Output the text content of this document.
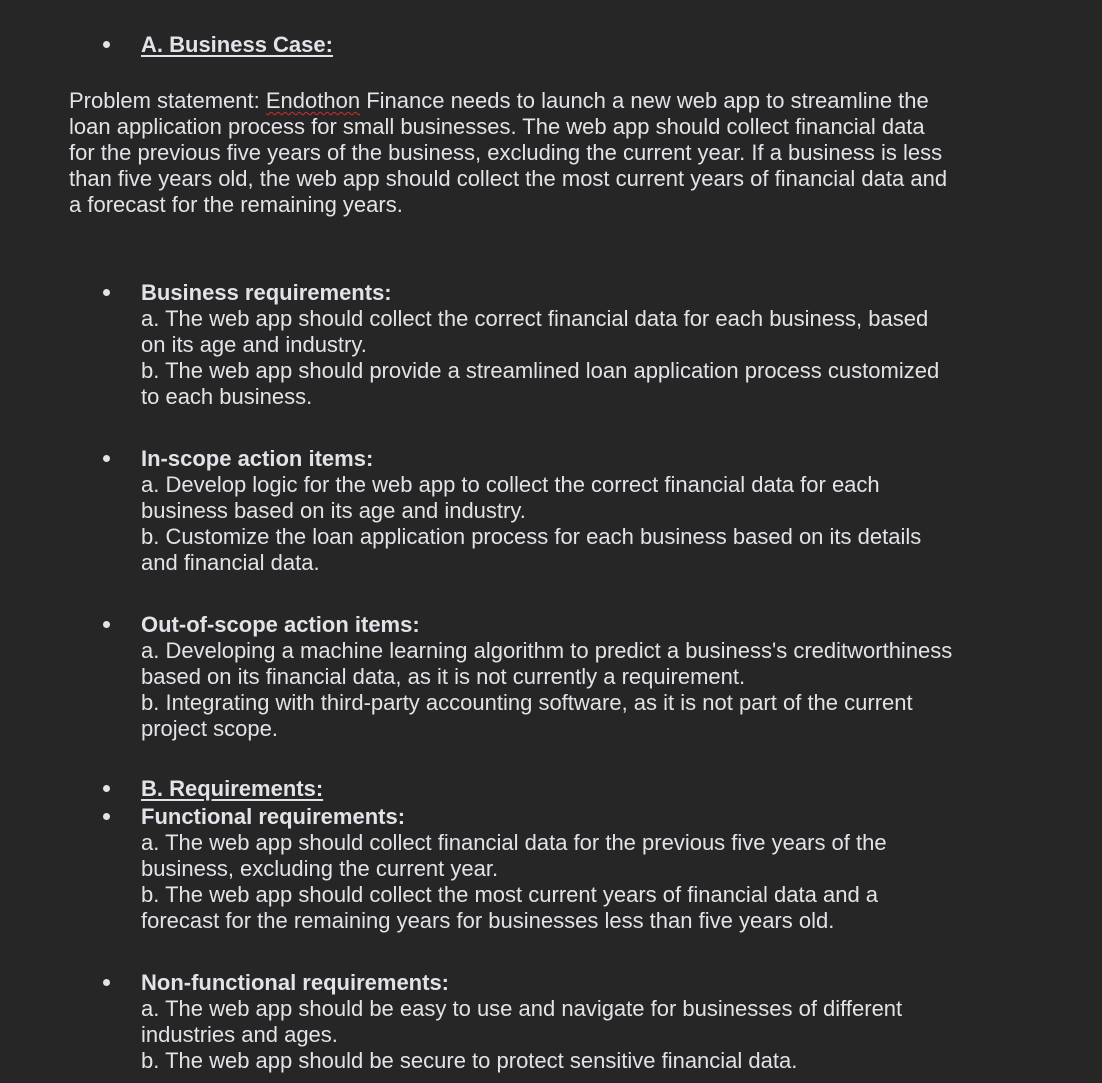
A. Business Case:
Problem statement: Endothon Finance needs to launch a new web app to streamline the
loan application process for small businesses. The web app should collect financial data
for the previous five years of the business, excluding the current year. If a business is less
than five years old, the web app should collect the most current years of financial data and
a forecast for the remaining years.
Business requirements:
a. The web app should collect the correct financial data for each business, based
on its age and industry.
b. The web app should provide a streamlined loan application process customized
to each business.
In-scope action items:
a. Develop logic for the web app to collect the correct financial data for each
business based on its age and industry.
b. Customize the loan application process for each business based on its details
and financial data.
Out-of-scope action items:
a. Developing a machine learning algorithm to predict a business's creditworthiness
based on its financial data, as it is not currently a requirement.
b. Integrating with third-party accounting software, as it is not part of the current
project scope.
B. Requirements:
Functional requirements:
a. The web app should collect financial data for the previous five years of the
business, excluding the current year.
b. The web app should collect the most current years of financial data and a
forecast for the remaining years for businesses less than five years old.
Non-functional requirements:
a. The web app should be easy to use and navigate for businesses of different
industries and ages.
b. The web app should be secure to protect sensitive financial data.
